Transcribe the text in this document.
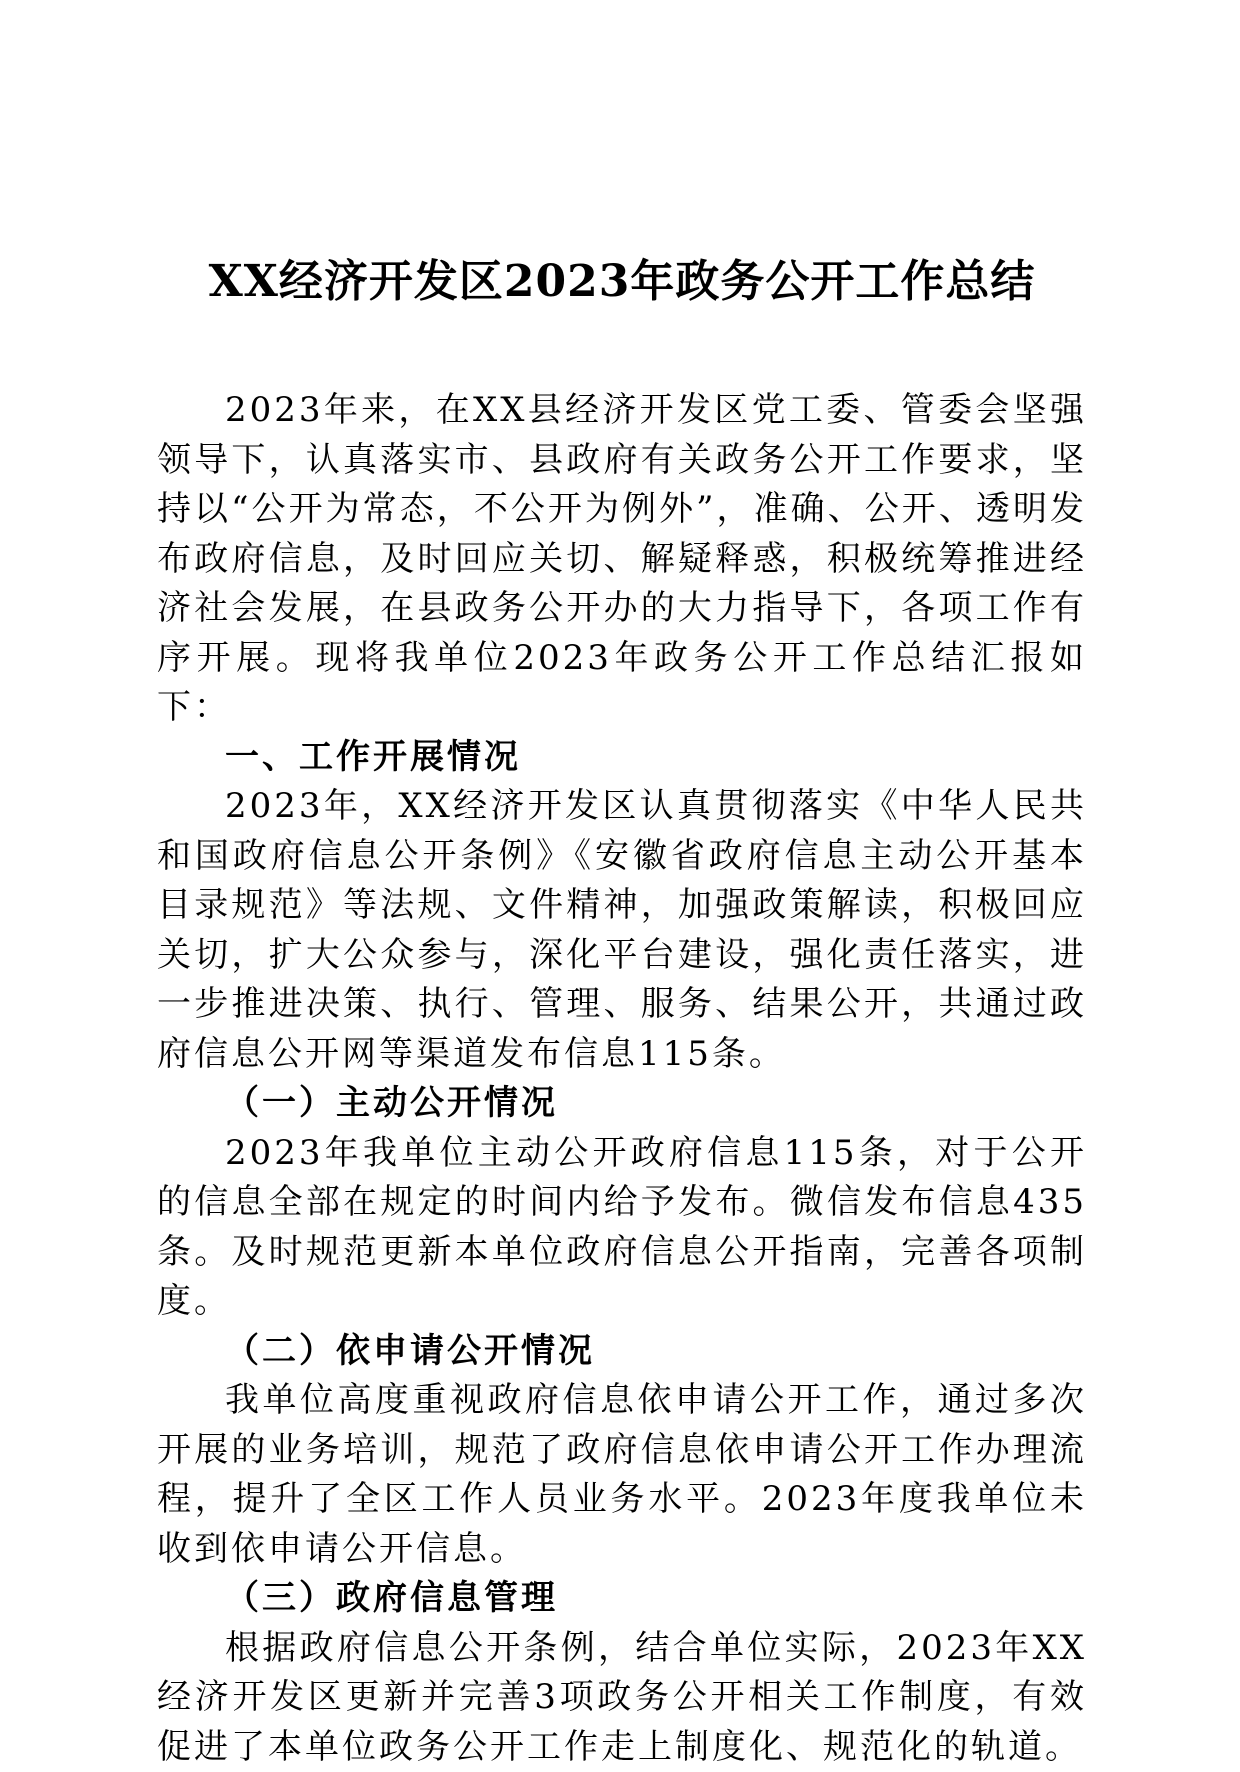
XX经济开发区2023年政务公开工作总结

2023年来，在XX县经济开发区党工委、管委会坚强领导下，认真落实市、县政府有关政务公开工作要求，坚持以“公开为常态，不公开为例外”，准确、公开、透明发布政府信息，及时回应关切、解疑释惑，积极统筹推进经济社会发展，在县政务公开办的大力指导下，各项工作有序开展。现将我单位2023年政务公开工作总结汇报如下：

一、工作开展情况

2023年，XX经济开发区认真贯彻落实《中华人民共和国政府信息公开条例》《安徽省政府信息主动公开基本目录规范》等法规、文件精神，加强政策解读，积极回应关切，扩大公众参与，深化平台建设，强化责任落实，进一步推进决策、执行、管理、服务、结果公开，共通过政府信息公开网等渠道发布信息115条。

（一）主动公开情况

2023年我单位主动公开政府信息115条，对于公开的信息全部在规定的时间内给予发布。微信发布信息435条。及时规范更新本单位政府信息公开指南，完善各项制度。

（二）依申请公开情况

我单位高度重视政府信息依申请公开工作，通过多次开展的业务培训，规范了政府信息依申请公开工作办理流程，提升了全区工作人员业务水平。2023年度我单位未收到依申请公开信息。

（三）政府信息管理

根据政府信息公开条例，结合单位实际，2023年XX经济开发区更新并完善3项政务公开相关工作制度，有效促进了本单位政务公开工作走上制度化、规范化的轨道。
